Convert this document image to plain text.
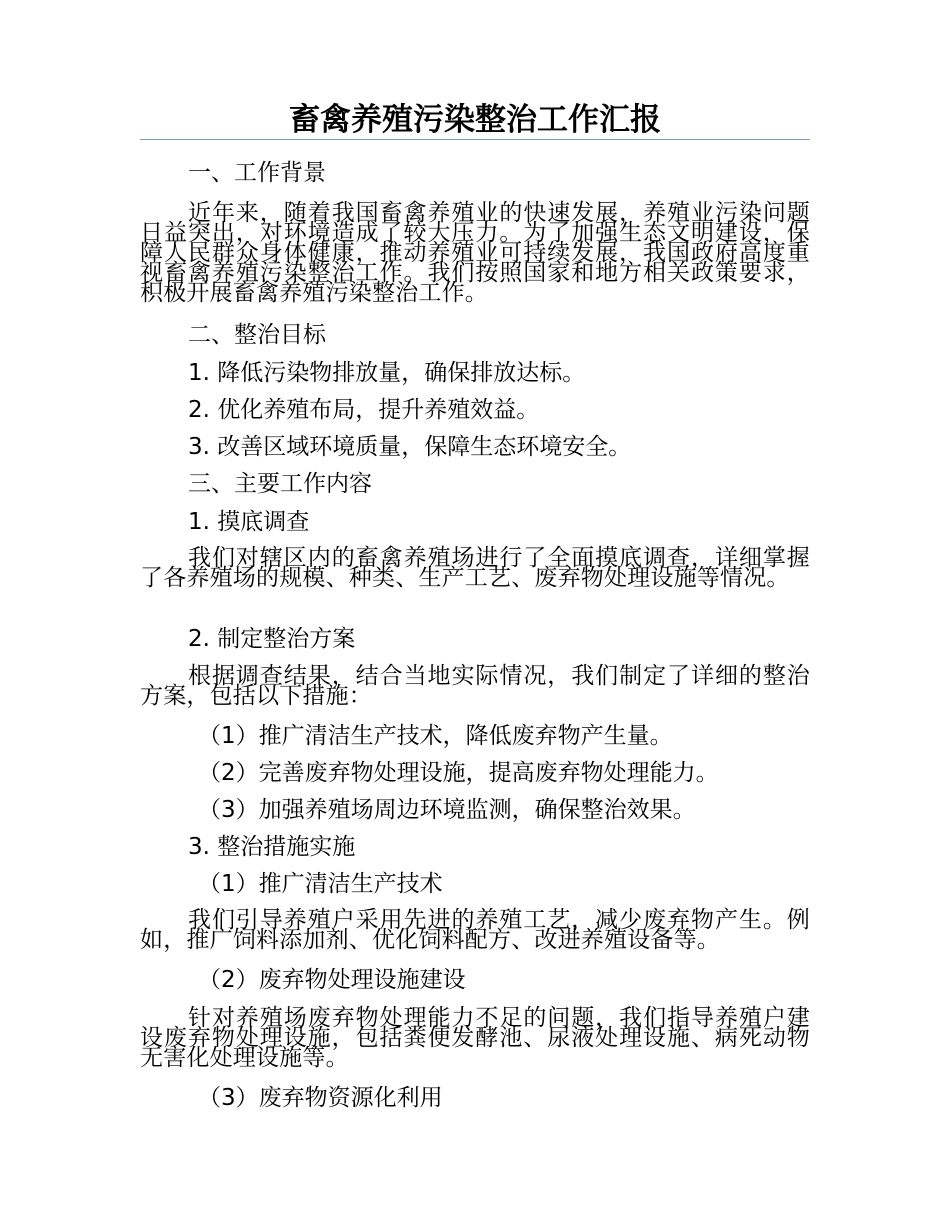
畜禽养殖污染整治工作汇报
一、工作背景
近年来，随着我国畜禽养殖业的快速发展，养殖业污染问题日益突出，对环境造成了较大压力。为了加强生态文明建设，保障人民群众身体健康，推动养殖业可持续发展，我国政府高度重视畜禽养殖污染整治工作。我们按照国家和地方相关政策要求，积极开展畜禽养殖污染整治工作。
二、整治目标
1. 降低污染物排放量，确保排放达标。
2. 优化养殖布局，提升养殖效益。
3. 改善区域环境质量，保障生态环境安全。
三、主要工作内容
1. 摸底调查
我们对辖区内的畜禽养殖场进行了全面摸底调查，详细掌握了各养殖场的规模、种类、生产工艺、废弃物处理设施等情况。
2. 制定整治方案
根据调查结果，结合当地实际情况，我们制定了详细的整治方案，包括以下措施：
（1）推广清洁生产技术，降低废弃物产生量。
（2）完善废弃物处理设施，提高废弃物处理能力。
（3）加强养殖场周边环境监测，确保整治效果。
3. 整治措施实施
（1）推广清洁生产技术
我们引导养殖户采用先进的养殖工艺，减少废弃物产生。例如，推广饲料添加剂、优化饲料配方、改进养殖设备等。
（2）废弃物处理设施建设
针对养殖场废弃物处理能力不足的问题，我们指导养殖户建设废弃物处理设施，包括粪便发酵池、尿液处理设施、病死动物无害化处理设施等。
（3）废弃物资源化利用
